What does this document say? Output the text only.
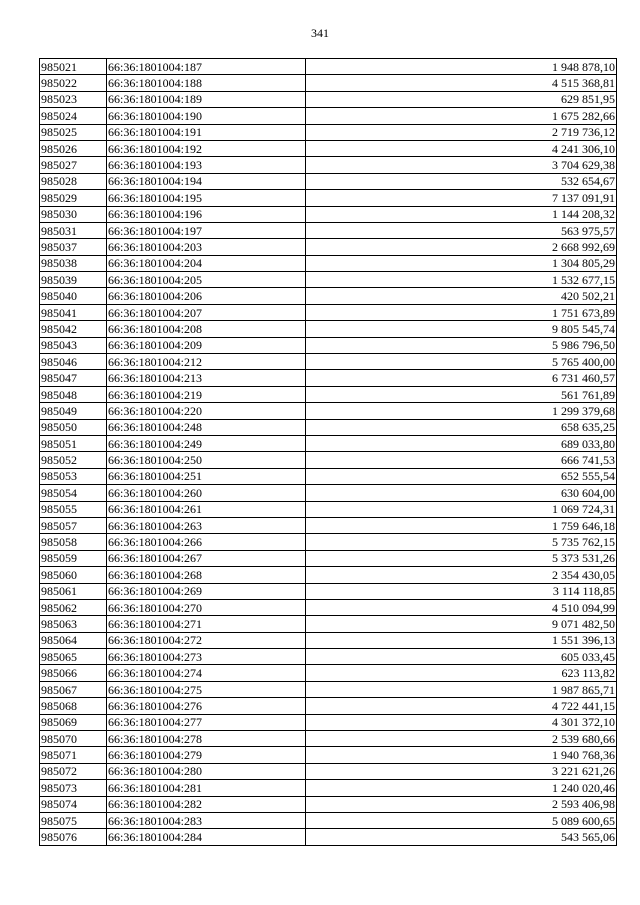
341
985021	66:36:1801004:187	1 948 878,10
985022	66:36:1801004:188	4 515 368,81
985023	66:36:1801004:189	629 851,95
985024	66:36:1801004:190	1 675 282,66
985025	66:36:1801004:191	2 719 736,12
985026	66:36:1801004:192	4 241 306,10
985027	66:36:1801004:193	3 704 629,38
985028	66:36:1801004:194	532 654,67
985029	66:36:1801004:195	7 137 091,91
985030	66:36:1801004:196	1 144 208,32
985031	66:36:1801004:197	563 975,57
985037	66:36:1801004:203	2 668 992,69
985038	66:36:1801004:204	1 304 805,29
985039	66:36:1801004:205	1 532 677,15
985040	66:36:1801004:206	420 502,21
985041	66:36:1801004:207	1 751 673,89
985042	66:36:1801004:208	9 805 545,74
985043	66:36:1801004:209	5 986 796,50
985046	66:36:1801004:212	5 765 400,00
985047	66:36:1801004:213	6 731 460,57
985048	66:36:1801004:219	561 761,89
985049	66:36:1801004:220	1 299 379,68
985050	66:36:1801004:248	658 635,25
985051	66:36:1801004:249	689 033,80
985052	66:36:1801004:250	666 741,53
985053	66:36:1801004:251	652 555,54
985054	66:36:1801004:260	630 604,00
985055	66:36:1801004:261	1 069 724,31
985057	66:36:1801004:263	1 759 646,18
985058	66:36:1801004:266	5 735 762,15
985059	66:36:1801004:267	5 373 531,26
985060	66:36:1801004:268	2 354 430,05
985061	66:36:1801004:269	3 114 118,85
985062	66:36:1801004:270	4 510 094,99
985063	66:36:1801004:271	9 071 482,50
985064	66:36:1801004:272	1 551 396,13
985065	66:36:1801004:273	605 033,45
985066	66:36:1801004:274	623 113,82
985067	66:36:1801004:275	1 987 865,71
985068	66:36:1801004:276	4 722 441,15
985069	66:36:1801004:277	4 301 372,10
985070	66:36:1801004:278	2 539 680,66
985071	66:36:1801004:279	1 940 768,36
985072	66:36:1801004:280	3 221 621,26
985073	66:36:1801004:281	1 240 020,46
985074	66:36:1801004:282	2 593 406,98
985075	66:36:1801004:283	5 089 600,65
985076	66:36:1801004:284	543 565,06
